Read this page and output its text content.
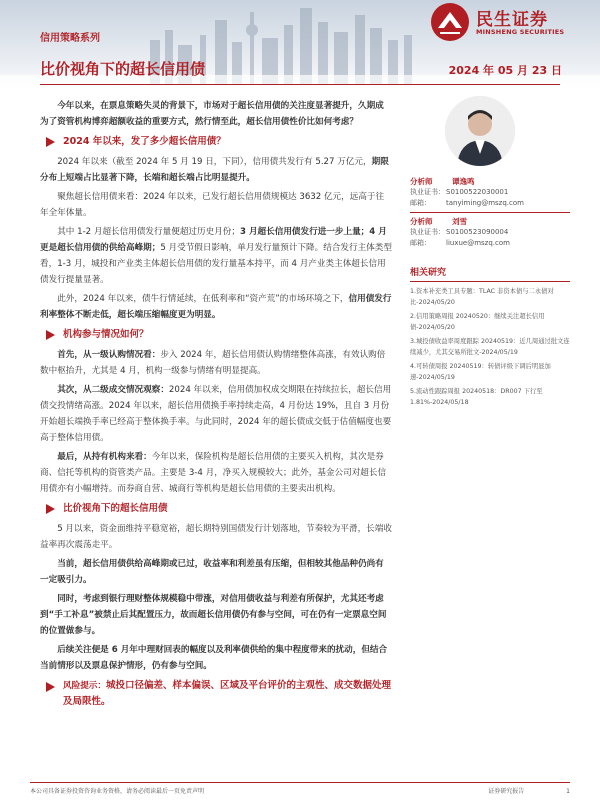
信用策略系列
比价视角下的超长信用债	2024 年 05 月 23 日
民生证券
MINSHENG SECURITIES
今年以来，在票息策略失灵的背景下，市场对于超长信用债的关注度显著提升，久期成为了资管机构博弈超额收益的重要方式，然行情至此，超长信用债性价比如何考虑？
2024 年以来，发了多少超长信用债？
2024 年以来（截至 2024 年 5 月 19 日，下同），信用债共发行有 5.27 万亿元，期限分布上短端占比显著下降，长端和超长端占比明显提升。
聚焦超长信用债来看：2024 年以来，已发行超长信用债规模达 3632 亿元，远高于往年全年体量。
其中 1-2 月超长信用债发行量便超过历史月份；3 月超长信用债发行进一步上量；4 月更是超长信用债的供给高峰期；5 月受节假日影响，单月发行量预计下降。结合发行主体类型看，1-3 月，城投和产业类主体超长信用债的发行量基本持平，而 4 月产业类主体超长信用债发行提量显著。
此外，2024 年以来，债牛行情延续，在低利率和“资产荒”的市场环境之下，信用债发行利率整体不断走低，超长端压缩幅度更为明显。
机构参与情况如何？
首先，从一级认购情况看：步入 2024 年，超长信用债认购情绪整体高涨，有效认购倍数中枢抬升，尤其是 4 月，机构一级参与情绪有明显提高。
其次，从二级成交情况观察：2024 年以来，信用债加权成交期限在持续拉长，超长信用债交投情绪高涨。2024 年以来，超长信用债换手率持续走高，4 月份达 19%，且自 3 月份开始超长端换手率已经高于整体换手率。与此同时，2024 年的超长债成交低于估值幅度也要高于整体信用债。
最后，从持有机构来看：今年以来，保险机构是超长信用债的主要买入机构，其次是券商、信托等机构的资管类产品。主要是 3-4 月，净买入规模较大；此外，基金公司对超长信用债亦有小幅增持。而券商自营、城商行等机构是超长信用债的主要卖出机构。
比价视角下的超长信用债
5 月以来，资金面维持平稳宽裕，超长期特别国债发行计划落地，节奏较为平滑，长端收益率再次震荡走平。
当前，超长信用债供给高峰期或已过，收益率和利差虽有压缩，但相较其他品种仍尚有一定吸引力。
同时，考虑到银行理财整体规模稳中带涨，对信用债收益与利差有所保护，尤其还考虑到“手工补息”被禁止后其配置压力，故而超长信用债仍有参与空间，可在仍有一定票息空间的位置做参与。
后续关注便是 6 月年中理财回表的幅度以及利率债供给的集中程度带来的扰动，但结合当前情形以及票息保护情形，仍有参与空间。
风险提示：城投口径偏差、样本偏误、区域及平台评价的主观性、成交数据处理及局限性。
分析师	谭逸鸣
执业证书： S0100522030001
邮箱：	tanyiming@mszq.com
分析师	刘雪
执业证书： S0100523090004
邮箱：	liuxue@mszq.com
相关研究
1.资本补充类工具专题：TLAC 非资本债与二永债对比-2024/05/20
2.信用策略周报 20240520：继续关注超长信用债-2024/05/20
3.城投债收益率周度跟踪 20240519：近几周通过批文连续减少，尤其交易所批文-2024/05/19
4.可转债周报 20240519：转债评级下调后明显加速-2024/05/19
5.流动性跟踪周报 20240518：DR007 下行至 1.81%-2024/05/18
本公司具备证券投资咨询业务资格，请务必阅读最后一页免责声明	证券研究报告	1
